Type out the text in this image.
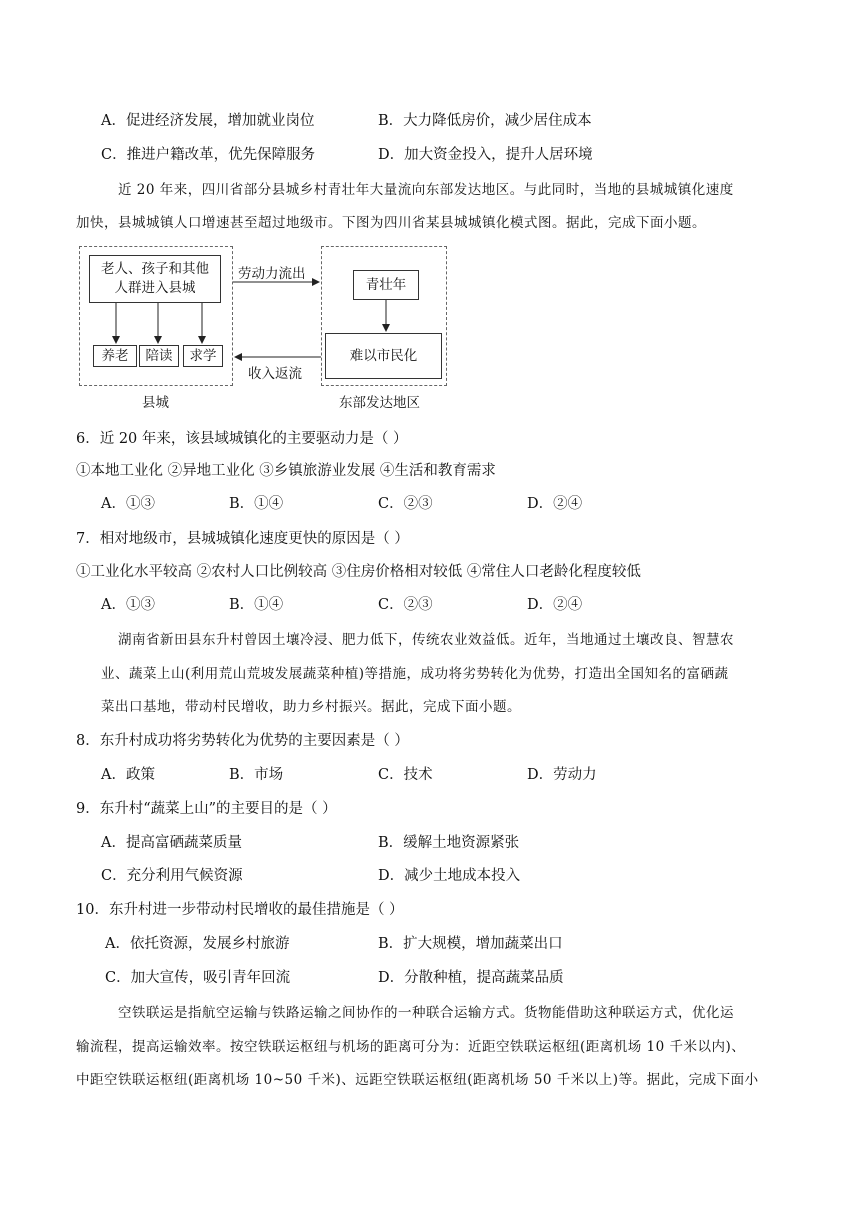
A．促进经济发展，增加就业岗位	B．大力降低房价，减少居住成本
C．推进户籍改革，优先保障服务	D．加大资金投入，提升人居环境
近 20 年来，四川省部分县城乡村青壮年大量流向东部发达地区。与此同时，当地的县城城镇化速度
加快，县城城镇人口增速甚至超过地级市。下图为四川省某县城城镇化模式图。据此，完成下面小题。
老人、孩子和其他人群进入县城
养老	陪读	求学
青壮年
难以市民化
劳动力流出
收入返流
县城	东部发达地区
6．近 20 年来，该县域城镇化的主要驱动力是（ ）
①本地工业化 ②异地工业化 ③乡镇旅游业发展 ④生活和教育需求
A．①③	B．①④	C．②③	D．②④
7．相对地级市，县城城镇化速度更快的原因是（ ）
①工业化水平较高 ②农村人口比例较高 ③住房价格相对较低 ④常住人口老龄化程度较低
A．①③	B．①④	C．②③	D．②④
湖南省新田县东升村曾因土壤冷浸、肥力低下，传统农业效益低。近年，当地通过土壤改良、智慧农
业、蔬菜上山(利用荒山荒坡发展蔬菜种植)等措施，成功将劣势转化为优势，打造出全国知名的富硒蔬
菜出口基地，带动村民增收，助力乡村振兴。据此，完成下面小题。
8．东升村成功将劣势转化为优势的主要因素是（ ）
A．政策	B．市场	C．技术	D．劳动力
9．东升村“蔬菜上山”的主要目的是（ ）
A．提高富硒蔬菜质量	B．缓解土地资源紧张
C．充分利用气候资源	D．减少土地成本投入
10．东升村进一步带动村民增收的最佳措施是（ ）
A．依托资源，发展乡村旅游	B．扩大规模，增加蔬菜出口
C．加大宣传，吸引青年回流	D．分散种植，提高蔬菜品质
空铁联运是指航空运输与铁路运输之间协作的一种联合运输方式。货物能借助这种联运方式，优化运
输流程，提高运输效率。按空铁联运枢纽与机场的距离可分为：近距空铁联运枢纽(距离机场 10 千米以内)、
中距空铁联运枢纽(距离机场 10~50 千米)、远距空铁联运枢纽(距离机场 50 千米以上)等。据此，完成下面小
